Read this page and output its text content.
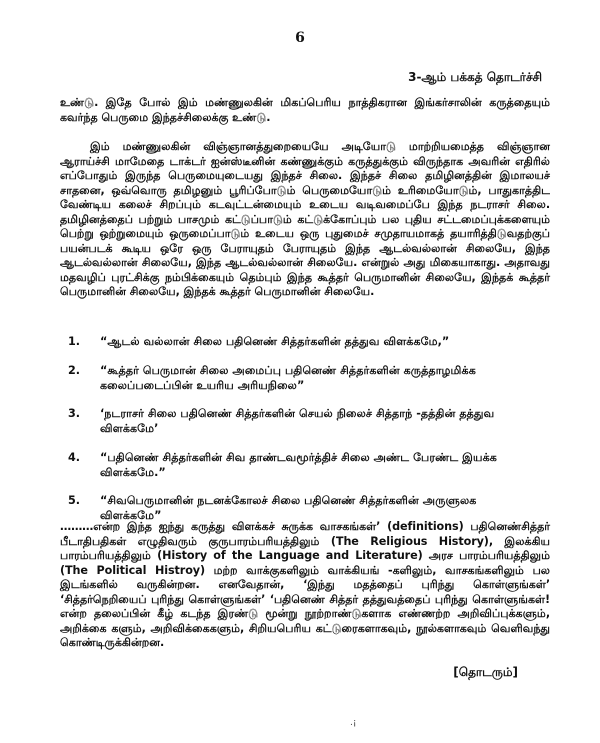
6
3-ஆம் பக்கத் தொடர்ச்சி
உண்டு. இதே போல் இம் மண்ணுலகின் மிகப்பெரிய நாத்திகரான இங்கர்சாலின் கருத்தையும் கவர்ந்த பெருமை இந்தச்சிலைக்கு உண்டு.
இம் மண்ணுலகின் விஞ்ஞானத்துறையையே அடியோடு மாற்றியமைத்த விஞ்ஞான ஆராய்ச்சி மாமேதை டாக்டர் ஐன்ஸ்டீனின் கண்ணுக்கும் கருத்துக்கும் விருந்தாக அவரின் எதிரில் எப்போதும் இருந்த பெருமையுடையது இந்தச் சிலை. இந்தச் சிலை தமிழினத்தின் இமாலயச் சாதனை, ஒவ்வொரு தமிழனும் பூரிப்போடும் பெருமையோடும் உரிமையோடும், பாதுகாத்திட வேண்டிய கலைச் சிறப்பும் கடவுட்டன்மையும் உடைய வடிவமைப்பே இந்த நடராசர் சிலை. தமிழினத்தைப் பற்றும் பாசமும் கட்டுப்பாடும் கட்டுக்கோப்பும் பல புதிய சட்டமைப்புக்களையும் பெற்று ஒற்றுமையும் ஒருமைப்பாடும் உடைய ஒரு புதுமைச் சமுதாயமாகத் தயாரித்திடுவதற்குப் பயன்படக் கூடிய ஒரே ஒரு பேராயுதம் பேராயுதம் இந்த ஆடல்வல்லான் சிலையே, இந்த ஆடல்வல்லான் சிலையே, இந்த ஆடல்வல்லான் சிலையே. என்றுல் அது மிகையாகாது. அதாவது மதவழிப் புரட்சிக்கு நம்பிக்கையும் தெம்பும் இந்த கூத்தர் பெருமானின் சிலையே, இந்தக் கூத்தர் பெருமானின் சிலையே, இந்தக் கூத்தர் பெருமானின் சிலையே.
1.	“ஆடல் வல்லான் சிலை பதினெண் சித்தர்களின் தத்துவ விளக்கமே,”
2.	“கூத்தர் பெருமான் சிலை அமைப்பு பதினெண் சித்தர்களின் கருத்தாழமிக்க கலைப்படைப்பின் உயரிய அரியநிலை”
3.	‘நடராசர் சிலை பதினெண் சித்தர்களின் செயல் நிலைச் சித்தாந் -தத்தின் தத்துவ விளக்கமே’
4.	“பதினெண் சித்தர்களின் சிவ தாண்டவமூர்த்திச் சிலை அண்ட பேரண்ட இயக்க விளக்கமே.”
5.	“சிவபெருமானின் நடனக்கோலச் சிலை பதினெண் சித்தர்களின் அருளுலக விளக்கமே”
………என்ற இந்த ஐந்து கருத்து விளக்கச் சுருக்க வாசகங்கள்’ (definitions) பதினெண்சித்தர் பீடாதிபதிகள் எழுதிவரும் குருபாரம்பரியத்திலும் (The Religious History), இலக்கிய பாரம்பரியத்திலும் (History of the Language and Literature) அரச பாரம்பரியத்திலும் (The Political Histroy) மற்ற வாக்குகளிலும் வாக்கியங் -களிலும், வாசகங்களிலும் பல இடங்களில் வருகின்றன. எனவேதான், ‘இந்து மதத்தைப் புரிந்து கொள்ளுங்கள்’ ‘சித்தர்நெறியைப் புரிந்து கொள்ளுங்கள்’ ‘பதினெண் சித்தர் தத்துவத்தைப் புரிந்து கொள்ளுங்கள்! என்ற தலைப்பின் கீழ் கடந்த இரண்டு மூன்று நூற்றாண்டுகளாக எண்ணற்ற அறிவிப்புக்களும், அறிக்கை களும், அறிவிக்கைகளும், சிறியபெரிய கட்டுரைகளாகவும், நூல்களாகவும் வெளிவந்து கொண்டிருக்கின்றன.
[தொடரும்]
.¡
